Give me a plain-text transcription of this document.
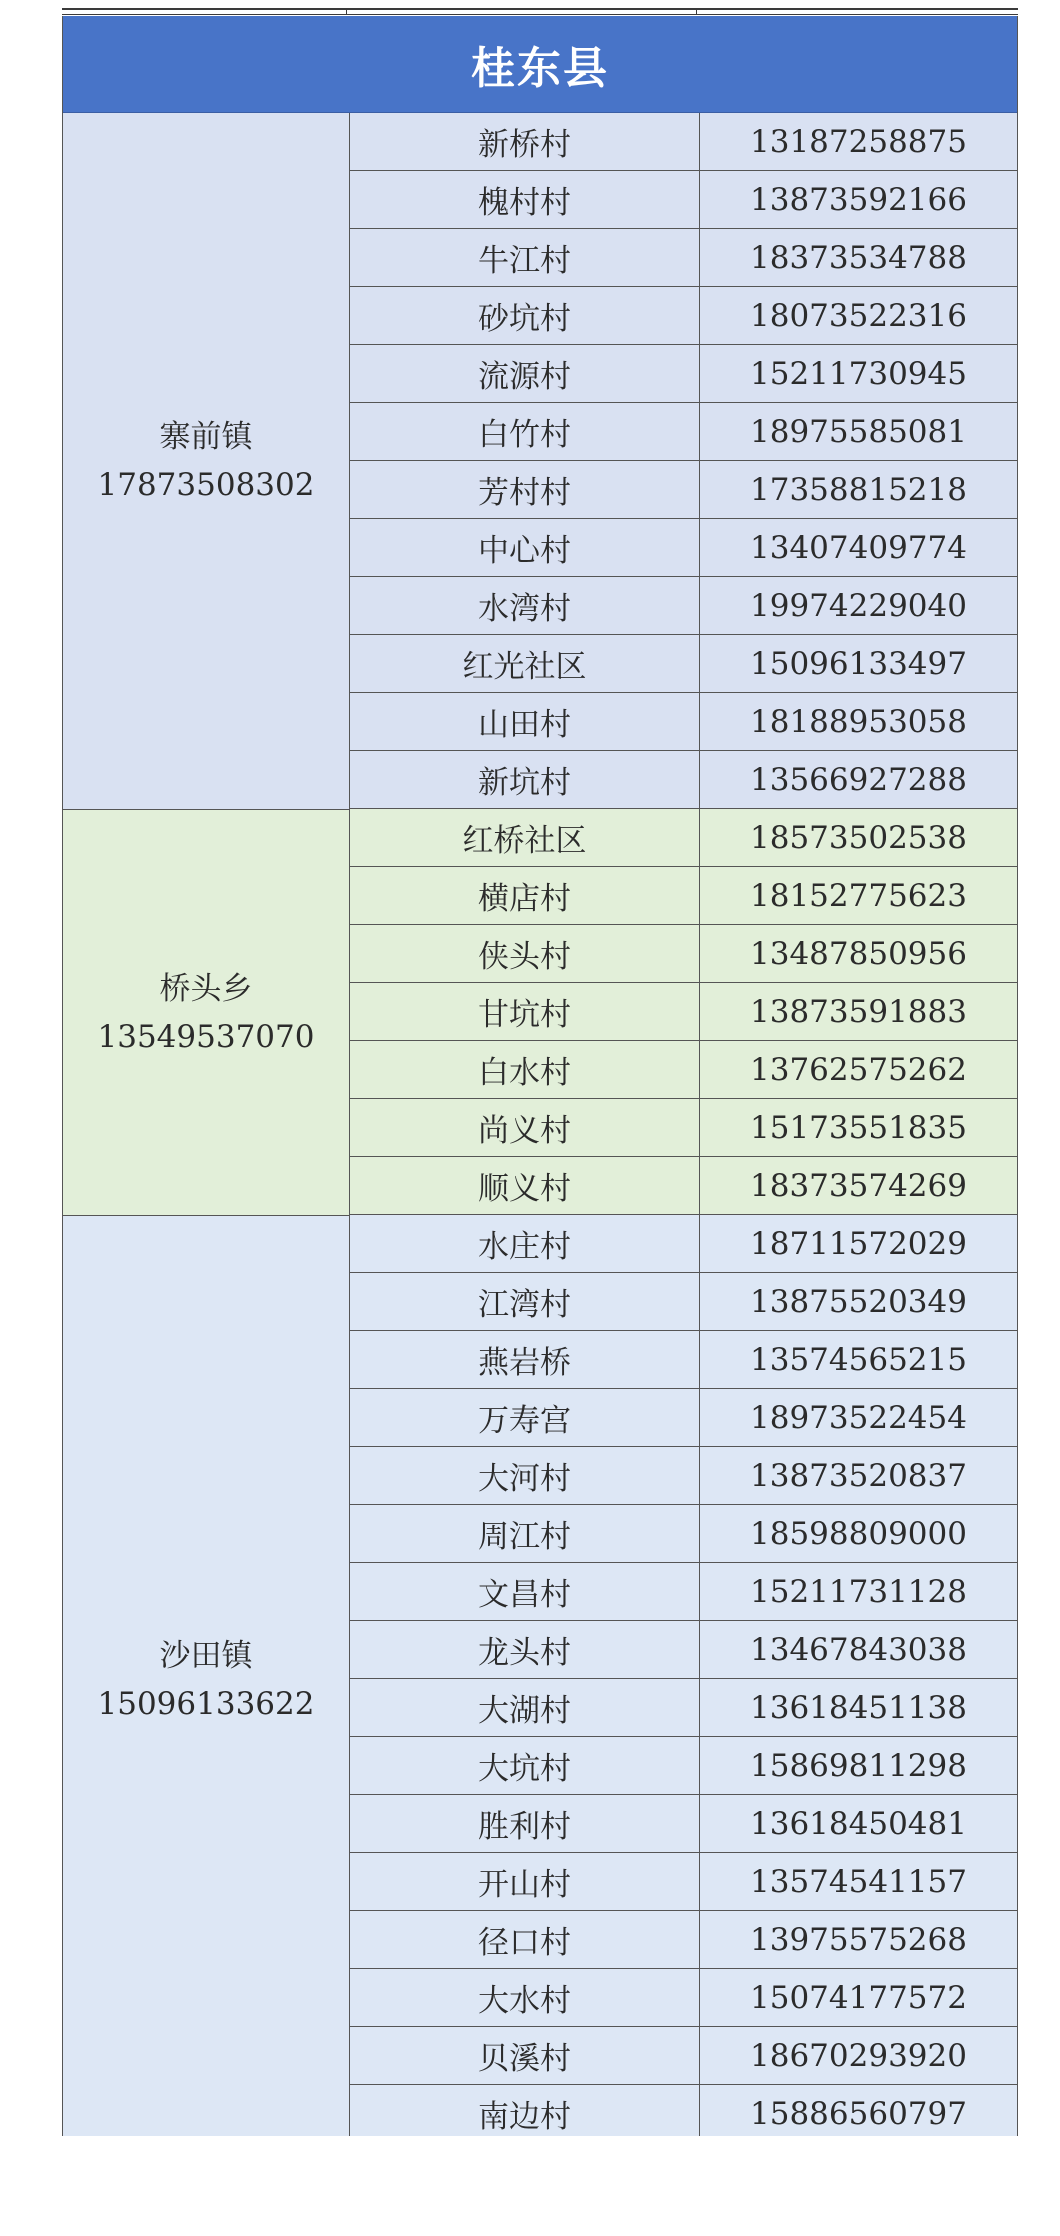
桂东县
寨前镇
17873508302
新桥村	13187258875
槐村村	13873592166
牛江村	18373534788
砂坑村	18073522316
流源村	15211730945
白竹村	18975585081
芳村村	17358815218
中心村	13407409774
水湾村	19974229040
红光社区	15096133497
山田村	18188953058
新坑村	13566927288
桥头乡
13549537070
红桥社区	18573502538
横店村	18152775623
侠头村	13487850956
甘坑村	13873591883
白水村	13762575262
尚义村	15173551835
顺义村	18373574269
沙田镇
15096133622
水庄村	18711572029
江湾村	13875520349
燕岩桥	13574565215
万寿宫	18973522454
大河村	13873520837
周江村	18598809000
文昌村	15211731128
龙头村	13467843038
大湖村	13618451138
大坑村	15869811298
胜利村	13618450481
开山村	13574541157
径口村	13975575268
大水村	15074177572
贝溪村	18670293920
南边村	15886560797
